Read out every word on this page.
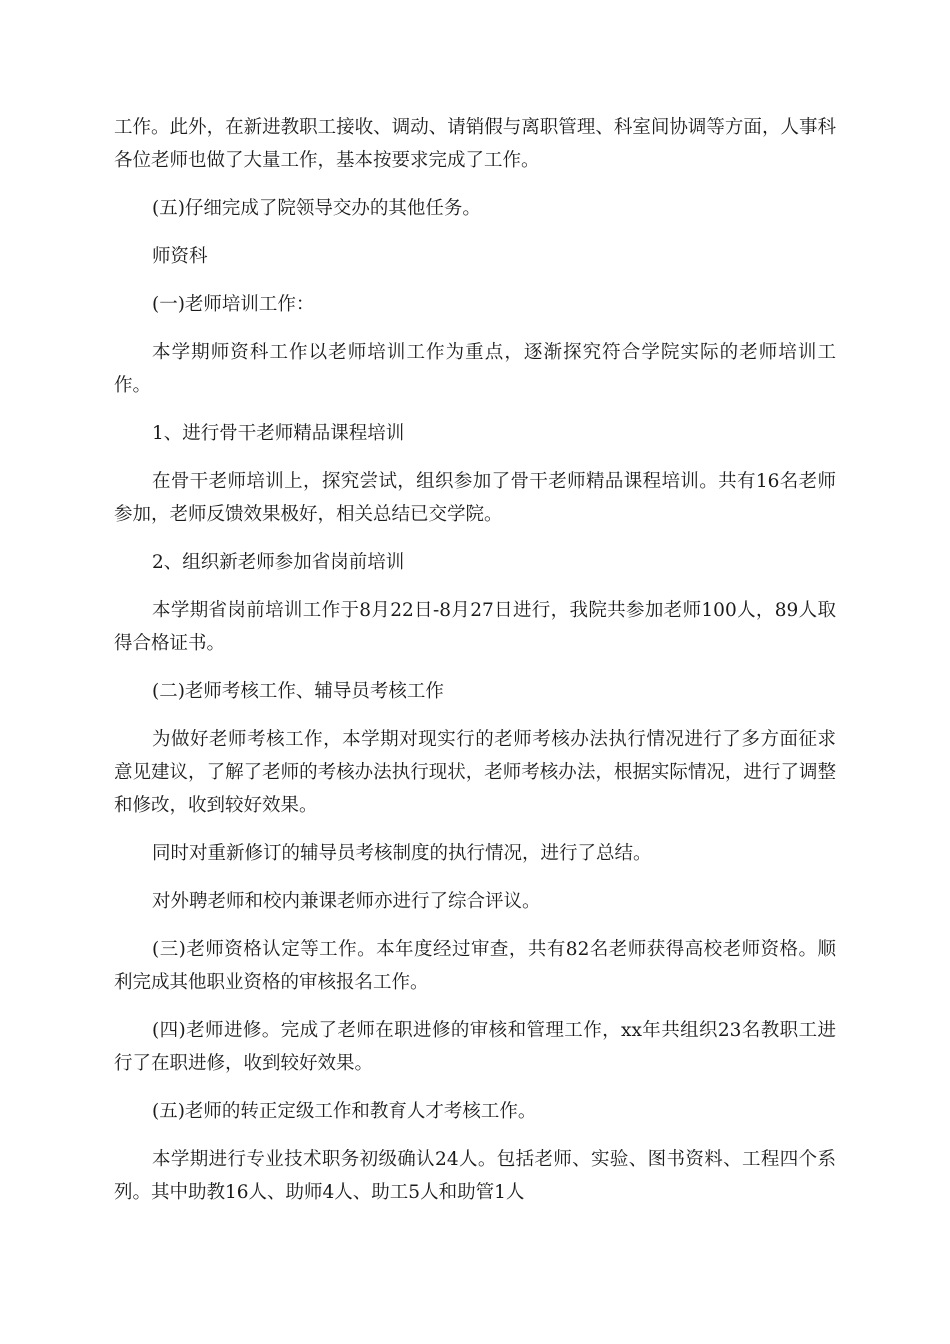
工作。此外，在新进教职工接收、调动、请销假与离职管理、科室间协调等方面，人事科各位老师也做了大量工作，基本按要求完成了工作。

(五)仔细完成了院领导交办的其他任务。

师资科

(一)老师培训工作：

本学期师资科工作以老师培训工作为重点，逐渐探究符合学院实际的老师培训工作。

1、进行骨干老师精品课程培训

在骨干老师培训上，探究尝试，组织参加了骨干老师精品课程培训。共有16名老师参加，老师反馈效果极好，相关总结已交学院。

2、组织新老师参加省岗前培训

本学期省岗前培训工作于8月22日-8月27日进行，我院共参加老师100人，89人取得合格证书。

(二)老师考核工作、辅导员考核工作

为做好老师考核工作，本学期对现实行的老师考核办法执行情况进行了多方面征求意见建议，了解了老师的考核办法执行现状，老师考核办法，根据实际情况，进行了调整和修改，收到较好效果。

同时对重新修订的辅导员考核制度的执行情况，进行了总结。

对外聘老师和校内兼课老师亦进行了综合评议。

(三)老师资格认定等工作。本年度经过审查，共有82名老师获得高校老师资格。顺利完成其他职业资格的审核报名工作。

(四)老师进修。完成了老师在职进修的审核和管理工作，xx年共组织23名教职工进行了在职进修，收到较好效果。

(五)老师的转正定级工作和教育人才考核工作。

本学期进行专业技术职务初级确认24人。包括老师、实验、图书资料、工程四个系列。其中助教16人、助师4人、助工5人和助管1人
